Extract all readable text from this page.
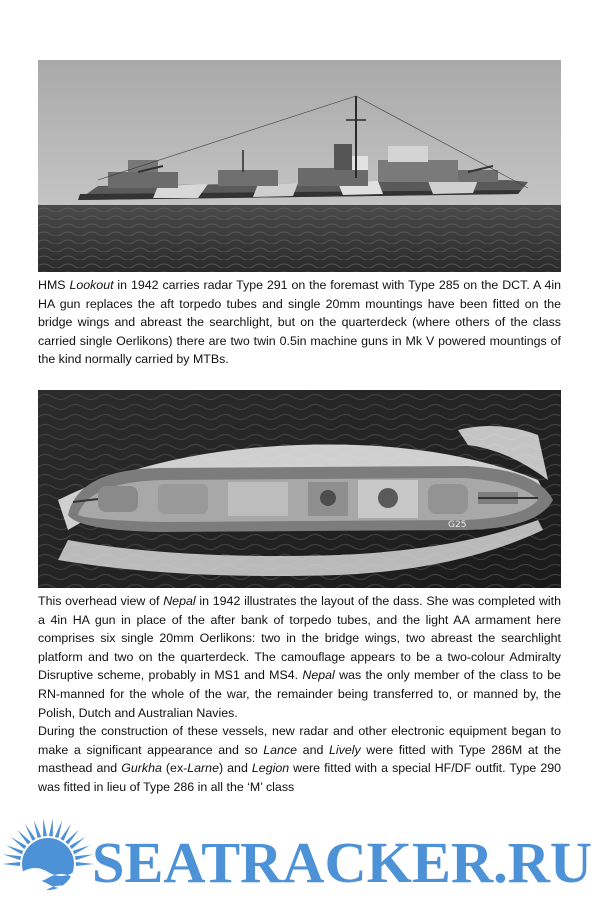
HMS Lookout in 1942 carries radar Type 291 on the foremast with Type 285 on the DCT. A 4in HA gun replaces the aft torpedo tubes and single 20mm mountings have been fitted on the bridge wings and abreast the searchlight, but on the quarterdeck (where others of the class carried single Oerlikons) there are two twin 0.5in machine guns in Mk V powered mountings of the kind normally carried by MTBs.

G25

This overhead view of Nepal in 1942 illustrates the layout of the dass. She was completed with a 4in HA gun in place of the after bank of torpedo tubes, and the light AA armament here comprises six single 20mm Oerlikons: two in the bridge wings, two abreast the searchlight platform and two on the quarterdeck. The camouflage appears to be a two-colour Admiralty Disruptive scheme, probably in MS1 and MS4. Nepal was the only member of the class to be RN-manned for the whole of the war, the remainder being transferred to, or manned by, the Polish, Dutch and Australian Navies.

During the construction of these vessels, new radar and other electronic equipment began to make a significant appearance and so Lance and Lively were fitted with Type 286M at the masthead and Gurkha (ex-Larne) and Legion were fitted with a special HF/DF outfit. Type 290 was fitted in lieu of Type 286 in all the ‘M’ class

SEATRACKER.RU
